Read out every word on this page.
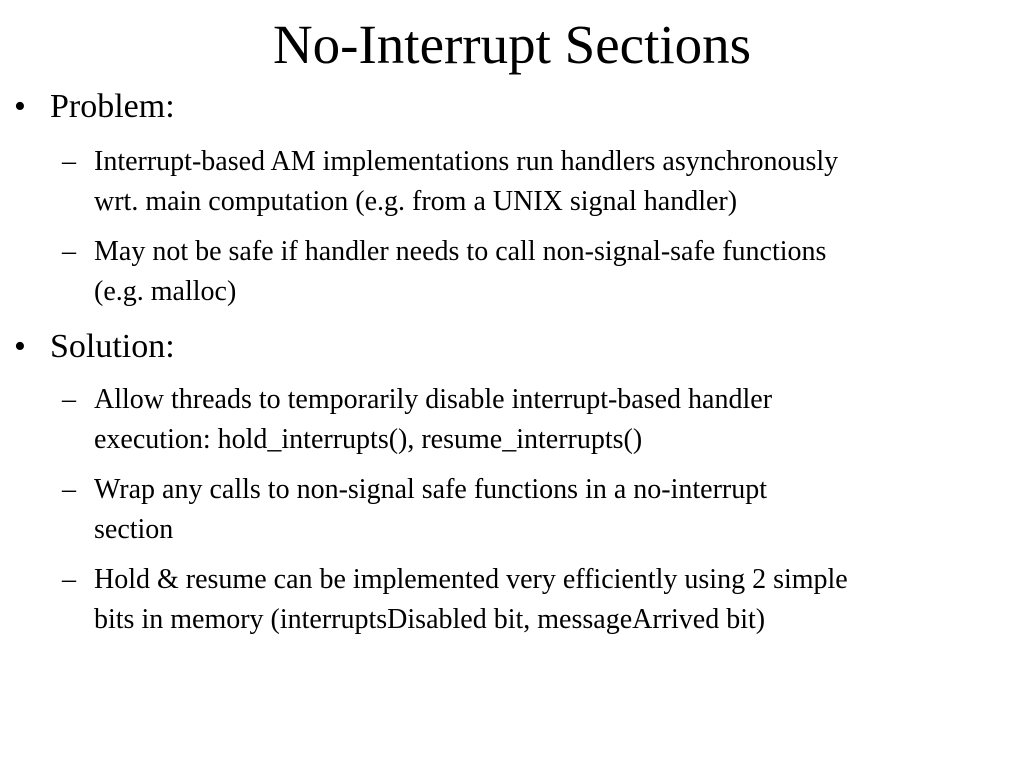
No-Interrupt Sections
• Problem:
– Interrupt-based AM implementations run handlers asynchronously
wrt. main computation (e.g. from a UNIX signal handler)
– May not be safe if handler needs to call non-signal-safe functions
(e.g. malloc)
• Solution:
– Allow threads to temporarily disable interrupt-based handler
execution: hold_interrupts(), resume_interrupts()
– Wrap any calls to non-signal safe functions in a no-interrupt
section
– Hold & resume can be implemented very efficiently using 2 simple
bits in memory (interruptsDisabled bit, messageArrived bit)
